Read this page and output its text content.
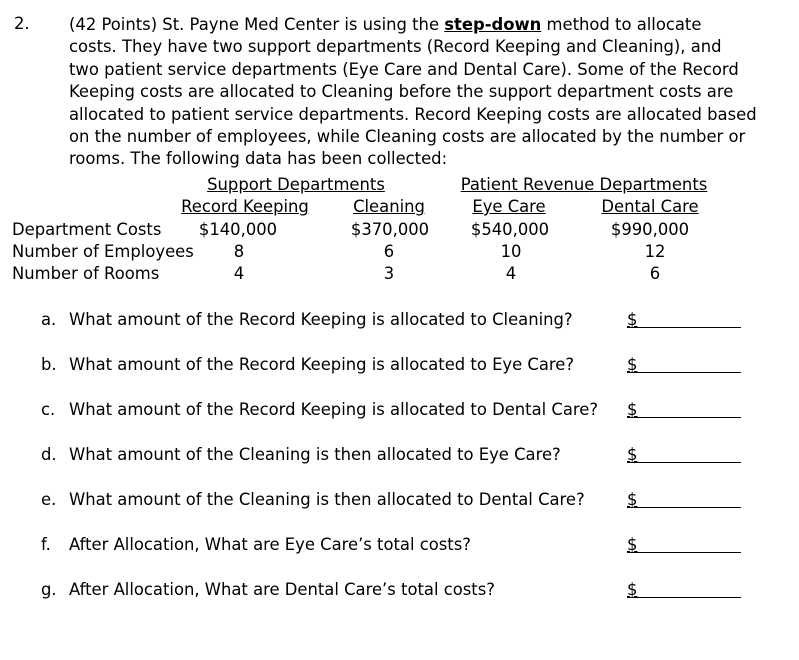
2. (42 Points) St. Payne Med Center is using the step-down method to allocate
costs. They have two support departments (Record Keeping and Cleaning), and
two patient service departments (Eye Care and Dental Care). Some of the Record
Keeping costs are allocated to Cleaning before the support department costs are
allocated to patient service departments. Record Keeping costs are allocated based
on the number of employees, while Cleaning costs are allocated by the number or
rooms. The following data has been collected:
Support Departments	Patient Revenue Departments
Record Keeping	Cleaning	Eye Care	Dental Care
Department Costs	$140,000	$370,000	$540,000	$990,000
Number of Employees	8	6	10	12
Number of Rooms	4	3	4	6
a. What amount of the Record Keeping is allocated to Cleaning?	$
b. What amount of the Record Keeping is allocated to Eye Care?	$
c. What amount of the Record Keeping is allocated to Dental Care? $
d. What amount of the Cleaning is then allocated to Eye Care?	$
e. What amount of the Cleaning is then allocated to Dental Care?	$
f. After Allocation, What are Eye Care’s total costs?	$
g. After Allocation, What are Dental Care’s total costs?	$
